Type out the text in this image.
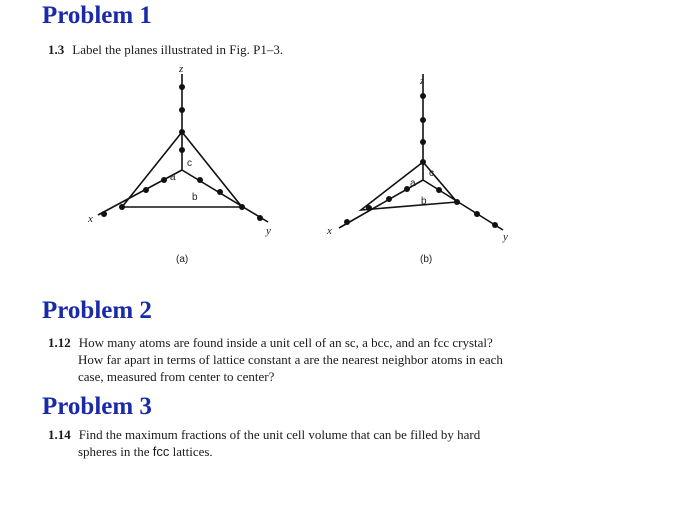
Problem 1
1.3 Label the planes illustrated in Fig. P1–3.
z
x
y
a
c
b
(a)
z
x	y
a
c
b
(b)
Problem 2
1.12 How many atoms are found inside a unit cell of an sc, a bcc, and an fcc crystal?
How far apart in terms of lattice constant a are the nearest neighbor atoms in each
case, measured from center to center?
Problem 3
1.14 Find the maximum fractions of the unit cell volume that can be filled by hard
spheres in the fcc lattices.
